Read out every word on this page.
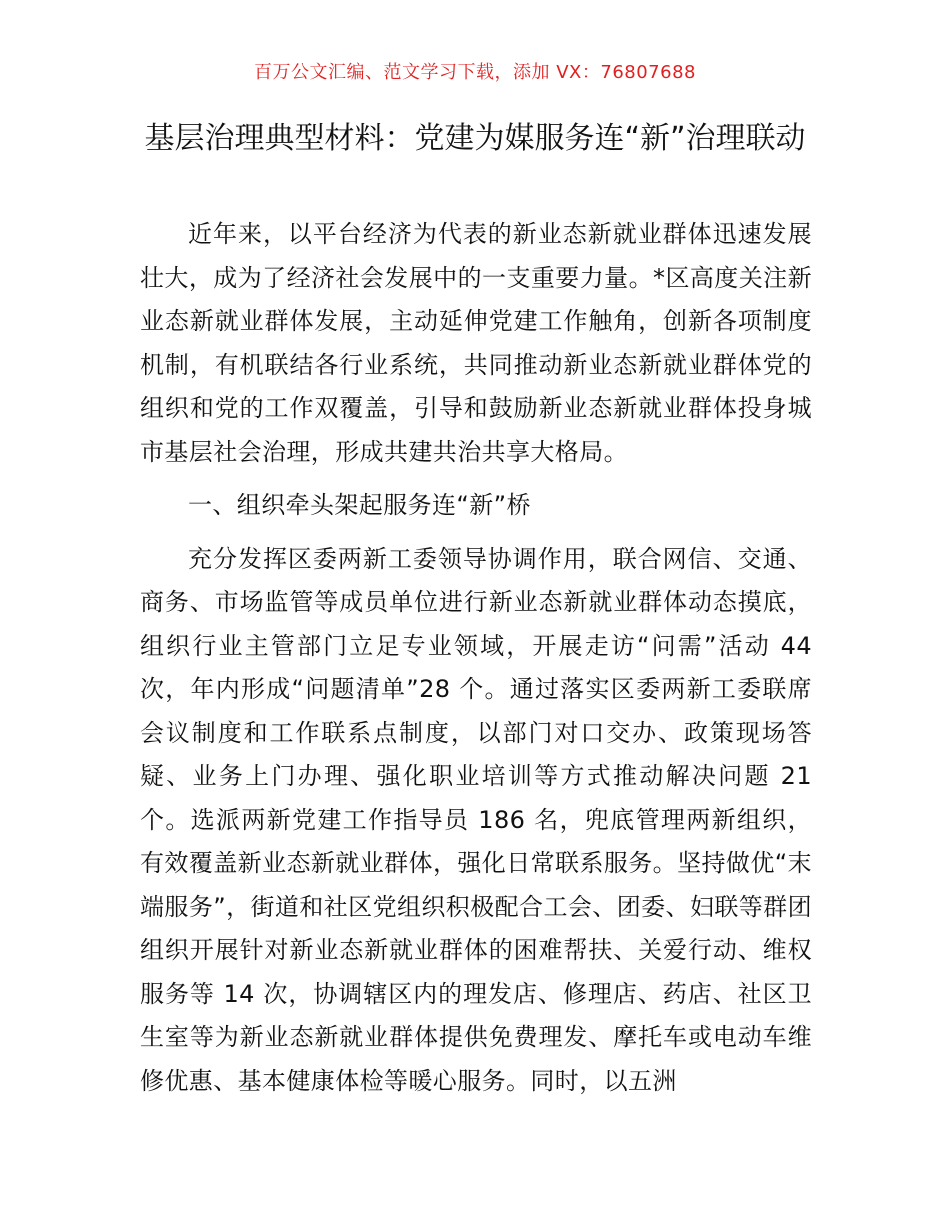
百万公文汇编、范文学习下载，添加 VX：76807688
基层治理典型材料：党建为媒服务连“新”治理联动

近年来，以平台经济为代表的新业态新就业群体迅速发展壮大，成为了经济社会发展中的一支重要力量。*区高度关注新业态新就业群体发展，主动延伸党建工作触角，创新各项制度机制，有机联结各行业系统，共同推动新业态新就业群体党的组织和党的工作双覆盖，引导和鼓励新业态新就业群体投身城市基层社会治理，形成共建共治共享大格局。

一、组织牵头架起服务连“新”桥

充分发挥区委两新工委领导协调作用，联合网信、交通、商务、市场监管等成员单位进行新业态新就业群体动态摸底，组织行业主管部门立足专业领域，开展走访“问需”活动 44 次，年内形成“问题清单”28 个。通过落实区委两新工委联席会议制度和工作联系点制度，以部门对口交办、政策现场答疑、业务上门办理、强化职业培训等方式推动解决问题 21 个。选派两新党建工作指导员 186 名，兜底管理两新组织，有效覆盖新业态新就业群体，强化日常联系服务。坚持做优“末端服务”，街道和社区党组织积极配合工会、团委、妇联等群团组织开展针对新业态新就业群体的困难帮扶、关爱行动、维权服务等 14 次，协调辖区内的理发店、修理店、药店、社区卫生室等为新业态新就业群体提供免费理发、摩托车或电动车维修优惠、基本健康体检等暖心服务。同时，以五洲
